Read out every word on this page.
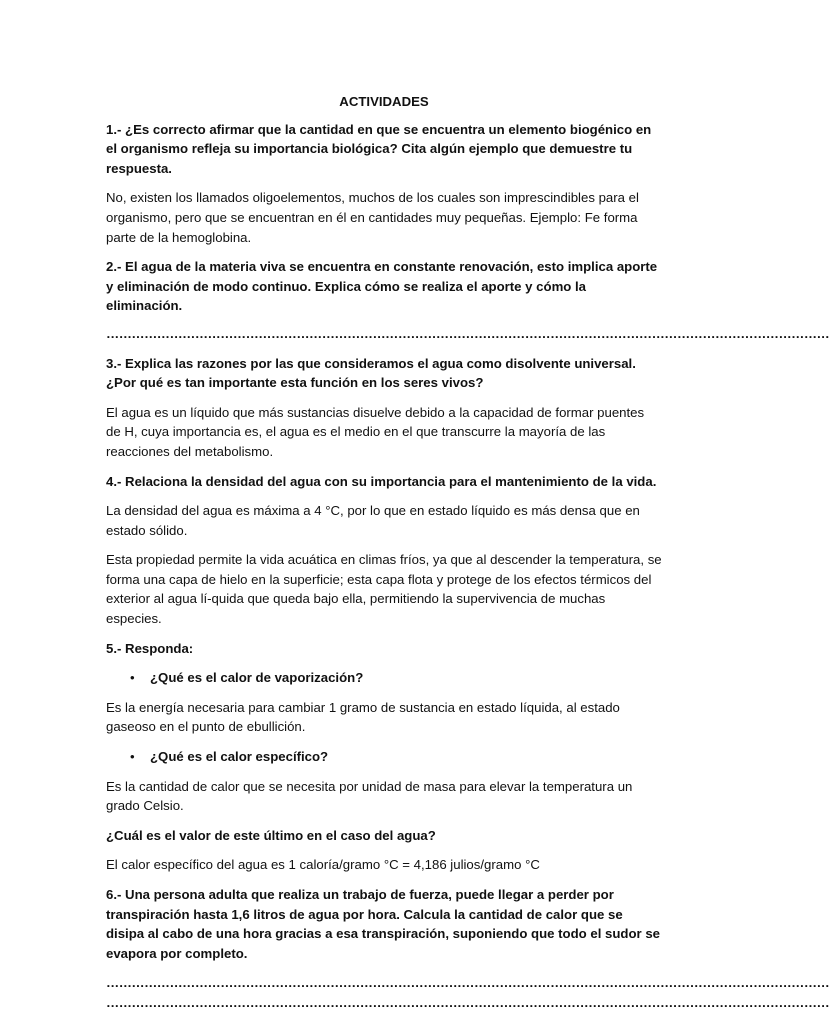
ACTIVIDADES

1.- ¿Es correcto afirmar que la cantidad en que se encuentra un elemento biogénico en el organismo refleja su importancia biológica? Cita algún ejemplo que demuestre tu respuesta.

No, existen los llamados oligoelementos, muchos de los cuales son imprescindibles para el organismo, pero que se encuentran en él en cantidades muy pequeñas. Ejemplo: Fe forma parte de la hemoglobina.

2.- El agua de la materia viva se encuentra en constante renovación, esto implica aporte y eliminación de modo continuo. Explica cómo se realiza el aporte y cómo la eliminación.

………………………………………………………………………………………………………………………………………………………

3.- Explica las razones por las que consideramos el agua como disolvente universal. ¿Por qué es tan importante esta función en los seres vivos?

El agua es un líquido que más sustancias disuelve debido a la capacidad de formar puentes de H, cuya importancia es, el agua es el medio en el que transcurre la mayoría de las reacciones del metabolismo.

4.- Relaciona la densidad del agua con su importancia para el mantenimiento de la vida.

La densidad del agua es máxima a 4 °C, por lo que en estado líquido es más densa que en estado sólido.

Esta propiedad permite la vida acuática en climas fríos, ya que al descender la temperatura, se forma una capa de hielo en la superficie; esta capa flota y protege de los efectos térmicos del exterior al agua lí-quida que queda bajo ella, permitiendo la supervivencia de muchas especies.

5.- Responda:

• ¿Qué es el calor de vaporización?

Es la energía necesaria para cambiar 1 gramo de sustancia en estado líquida, al estado gaseoso en el punto de ebullición.

• ¿Qué es el calor específico?

Es la cantidad de calor que se necesita por unidad de masa para elevar la temperatura un grado Celsio.

¿Cuál es el valor de este último en el caso del agua?

El calor específico del agua es 1 caloría/gramo °C = 4,186 julios/gramo °C

6.- Una persona adulta que realiza un trabajo de fuerza, puede llegar a perder por transpiración hasta 1,6 litros de agua por hora. Calcula la cantidad de calor que se disipa al cabo de una hora gracias a esa transpiración, suponiendo que todo el sudor se evapora por completo.

………………………………………………………………………………………………………………………………………………………

………………………………………………………………………………………………………………………………………………………
